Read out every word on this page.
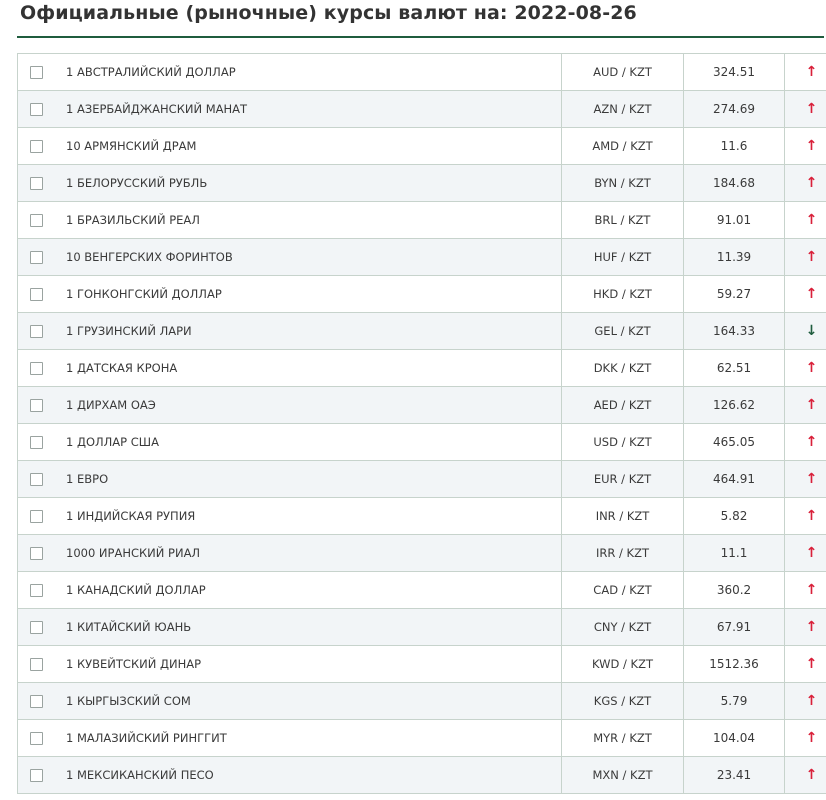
Официальные (рыночные) курсы валют на: 2022-08-26
	1 АВСТРАЛИЙСКИЙ ДОЛЛАР	AUD / KZT	324.51	↑
	1 АЗЕРБАЙДЖАНСКИЙ МАНАТ	AZN / KZT	274.69	↑
	10 АРМЯНСКИЙ ДРАМ	AMD / KZT	11.6	↑
	1 БЕЛОРУССКИЙ РУБЛЬ	BYN / KZT	184.68	↑
	1 БРАЗИЛЬСКИЙ РЕАЛ	BRL / KZT	91.01	↑
	10 ВЕНГЕРСКИХ ФОРИНТОВ	HUF / KZT	11.39	↑
	1 ГОНКОНГСКИЙ ДОЛЛАР	HKD / KZT	59.27	↑
	1 ГРУЗИНСКИЙ ЛАРИ	GEL / KZT	164.33	↓
	1 ДАТСКАЯ КРОНА	DKK / KZT	62.51	↑
	1 ДИРХАМ ОАЭ	AED / KZT	126.62	↑
	1 ДОЛЛАР США	USD / KZT	465.05	↑
	1 ЕВРО	EUR / KZT	464.91	↑
	1 ИНДИЙСКАЯ РУПИЯ	INR / KZT	5.82	↑
	1000 ИРАНСКИЙ РИАЛ	IRR / KZT	11.1	↑
	1 КАНАДСКИЙ ДОЛЛАР	CAD / KZT	360.2	↑
	1 КИТАЙСКИЙ ЮАНЬ	CNY / KZT	67.91	↑
	1 КУВЕЙТСКИЙ ДИНАР	KWD / KZT	1512.36	↑
	1 КЫРГЫЗСКИЙ СОМ	KGS / KZT	5.79	↑
	1 МАЛАЗИЙСКИЙ РИНГГИТ	MYR / KZT	104.04	↑
	1 МЕКСИКАНСКИЙ ПЕСО	MXN / KZT	23.41	↑
